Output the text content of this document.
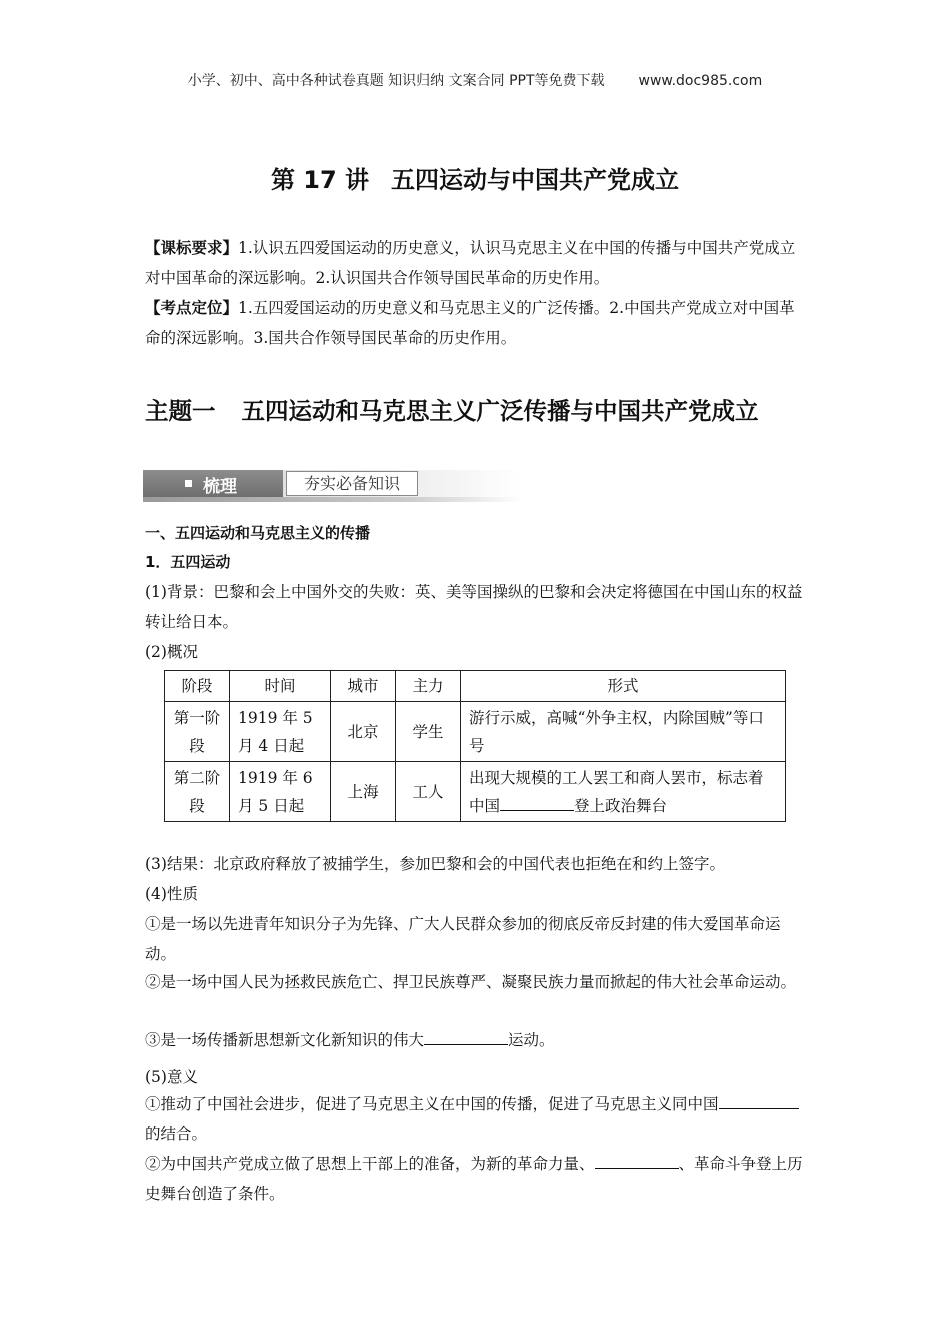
小学、初中、高中各种试卷真题 知识归纳 文案合同 PPT等免费下载 www.doc985.com
第 17 讲 五四运动与中国共产党成立
【课标要求】1.认识五四爱国运动的历史意义，认识马克思主义在中国的传播与中国共产党成立对中国革命的深远影响。2.认识国共合作领导国民革命的历史作用。
【考点定位】1.五四爱国运动的历史意义和马克思主义的广泛传播。2.中国共产党成立对中国革命的深远影响。3.国共合作领导国民革命的历史作用。
主题一 五四运动和马克思主义广泛传播与中国共产党成立
梳理	夯实必备知识
一、五四运动和马克思主义的传播
1．五四运动
(1)背景：巴黎和会上中国外交的失败：英、美等国操纵的巴黎和会决定将德国在中国山东的权益转让给日本。
(2)概况
阶段	时间	城市	主力	形式
第一阶段	1919 年 5 月 4 日起	北京	学生	游行示威，高喊“外争主权，内除国贼”等口号
第二阶段	1919 年 6 月 5 日起	上海	工人	出现大规模的工人罢工和商人罢市，标志着中国 登上政治舞台
(3)结果：北京政府释放了被捕学生，参加巴黎和会的中国代表也拒绝在和约上签字。
(4)性质
①是一场以先进青年知识分子为先锋、广大人民群众参加的彻底反帝反封建的伟大爱国革命运动。
②是一场中国人民为拯救民族危亡、捍卫民族尊严、凝聚民族力量而掀起的伟大社会革命运动。
③是一场传播新思想新文化新知识的伟大	运动。
(5)意义
①推动了中国社会进步，促进了马克思主义在中国的传播，促进了马克思主义同中国的结合。
②为中国共产党成立做了思想上干部上的准备，为新的革命力量、	、革命斗争登上历史舞台创造了条件。
